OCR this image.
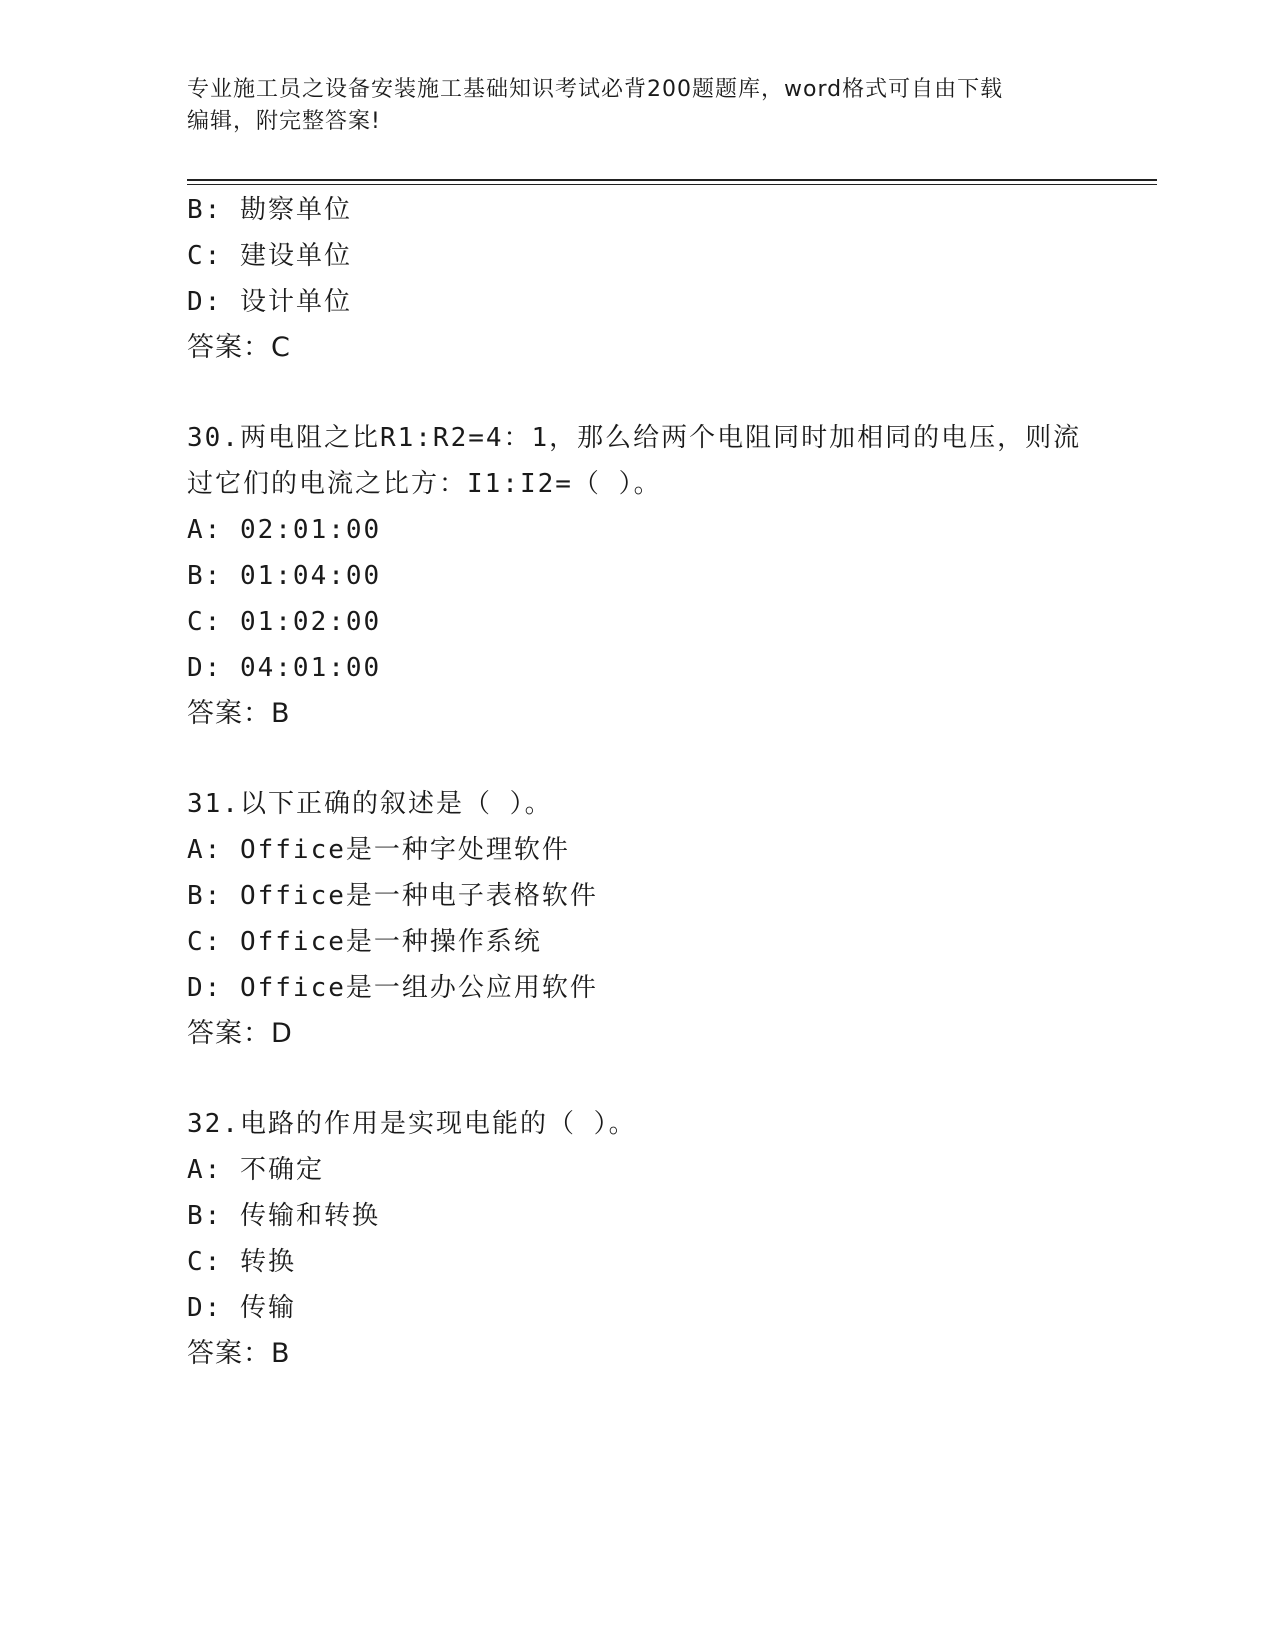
专业施工员之设备安装施工基础知识考试必背200题题库，word格式可自由下载
编辑，附完整答案!
B: 勘察单位
C: 建设单位
D: 设计单位
答案：C
30.两电阻之比R1:R2=4：1，那么给两个电阻同时加相同的电压，则流
过它们的电流之比方：I1:I2=（ ）。
A: 02:01:00
B: 01:04:00
C: 01:02:00
D: 04:01:00
答案：B
31.以下正确的叙述是（ ）。
A: Office是一种字处理软件
B: Office是一种电子表格软件
C: Office是一种操作系统
D: Office是一组办公应用软件
答案：D
32.电路的作用是实现电能的（ ）。
A: 不确定
B: 传输和转换
C: 转换
D: 传输
答案：B
